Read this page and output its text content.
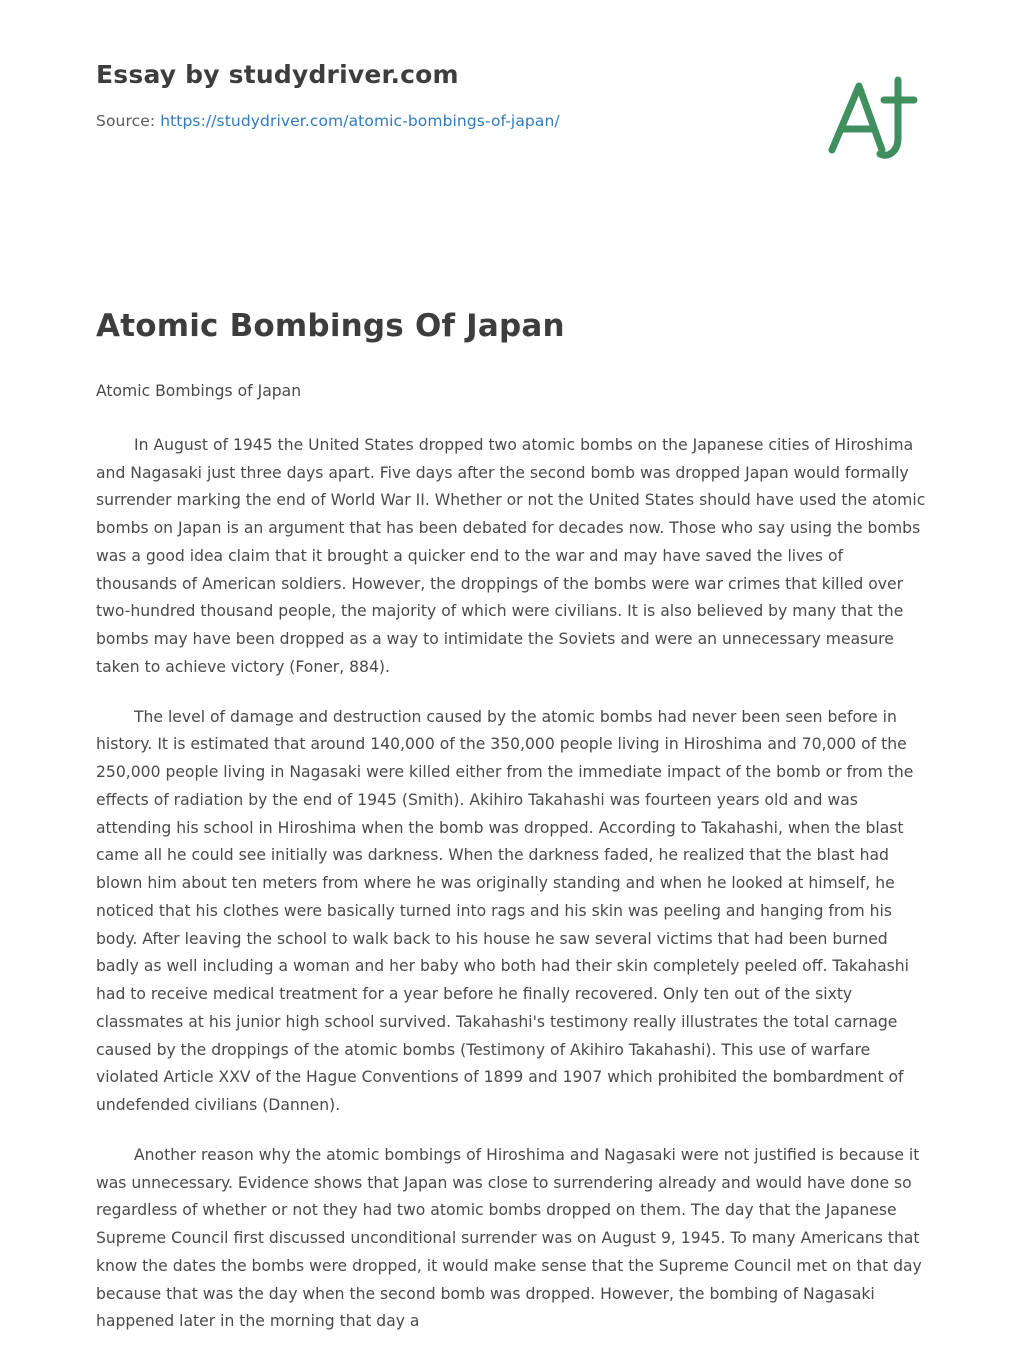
Essay by studydriver.com
Source: https://studydriver.com/atomic-bombings-of-japan/
Atomic Bombings Of Japan

Atomic Bombings of Japan

In August of 1945 the United States dropped two atomic bombs on the Japanese cities of Hiroshima and Nagasaki just three days apart. Five days after the second bomb was dropped Japan would formally surrender marking the end of World War II. Whether or not the United States should have used the atomic bombs on Japan is an argument that has been debated for decades now. Those who say using the bombs was a good idea claim that it brought a quicker end to the war and may have saved the lives of thousands of American soldiers. However, the droppings of the bombs were war crimes that killed over two-hundred thousand people, the majority of which were civilians. It is also believed by many that the bombs may have been dropped as a way to intimidate the Soviets and were an unnecessary measure taken to achieve victory (Foner, 884).

The level of damage and destruction caused by the atomic bombs had never been seen before in history. It is estimated that around 140,000 of the 350,000 people living in Hiroshima and 70,000 of the 250,000 people living in Nagasaki were killed either from the immediate impact of the bomb or from the effects of radiation by the end of 1945 (Smith). Akihiro Takahashi was fourteen years old and was attending his school in Hiroshima when the bomb was dropped. According to Takahashi, when the blast came all he could see initially was darkness. When the darkness faded, he realized that the blast had blown him about ten meters from where he was originally standing and when he looked at himself, he noticed that his clothes were basically turned into rags and his skin was peeling and hanging from his body. After leaving the school to walk back to his house he saw several victims that had been burned badly as well including a woman and her baby who both had their skin completely peeled off. Takahashi had to receive medical treatment for a year before he finally recovered. Only ten out of the sixty classmates at his junior high school survived. Takahashi's testimony really illustrates the total carnage caused by the droppings of the atomic bombs (Testimony of Akihiro Takahashi). This use of warfare violated Article XXV of the Hague Conventions of 1899 and 1907 which prohibited the bombardment of undefended civilians (Dannen).

Another reason why the atomic bombings of Hiroshima and Nagasaki were not justified is because it was unnecessary. Evidence shows that Japan was close to surrendering already and would have done so regardless of whether or not they had two atomic bombs dropped on them. The day that the Japanese Supreme Council first discussed unconditional surrender was on August 9, 1945. To many Americans that know the dates the bombs were dropped, it would make sense that the Supreme Council met on that day because that was the day when the second bomb was dropped. However, the bombing of Nagasaki happened later in the morning that day a
